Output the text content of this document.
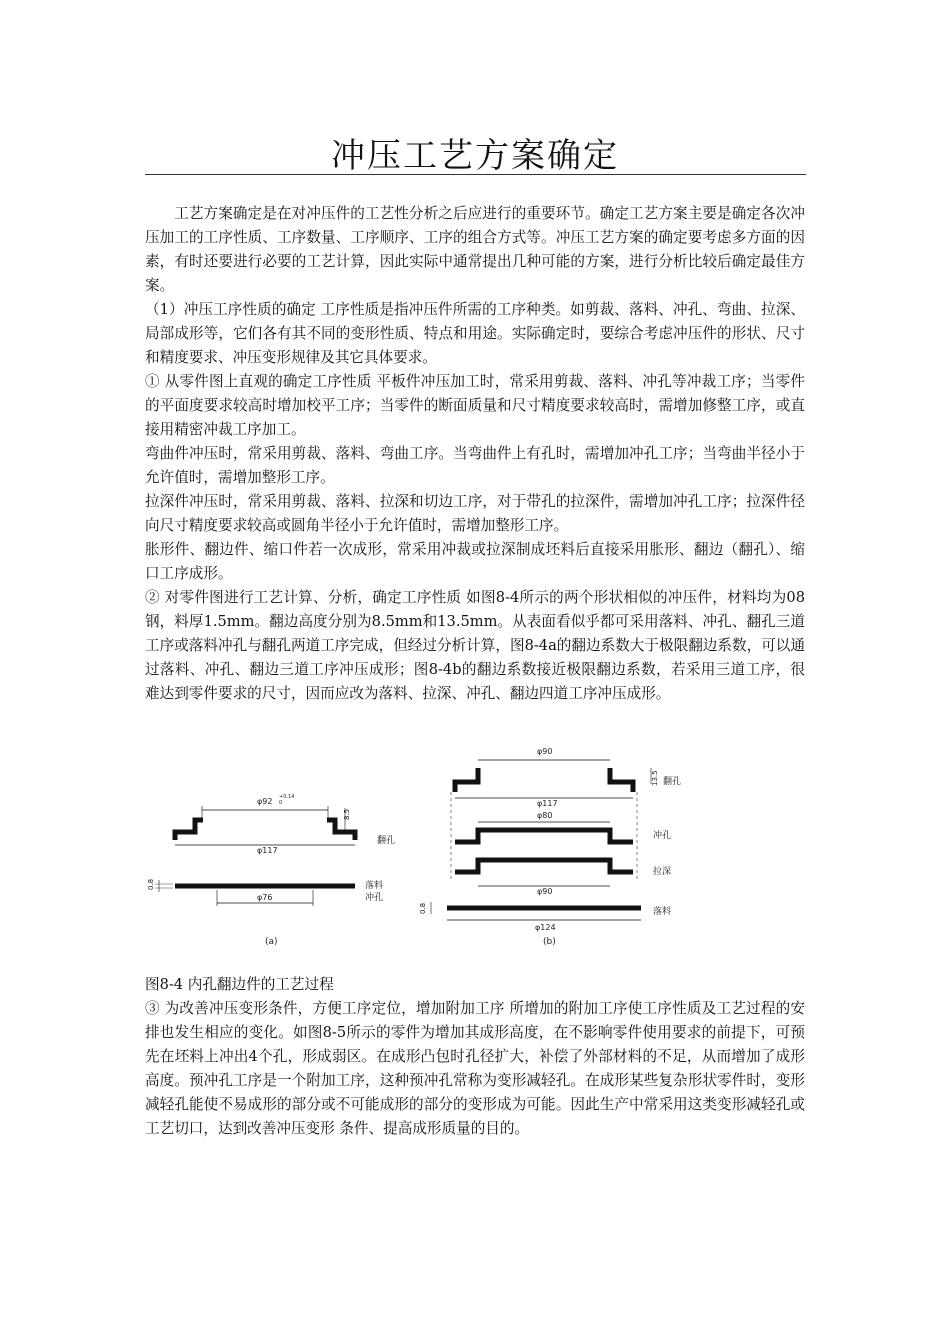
冲压工艺方案确定

工艺方案确定是在对冲压件的工艺性分析之后应进行的重要环节。确定工艺方案主要是确定各次冲压加工的工序性质、工序数量、工序顺序、工序的组合方式等。冲压工艺方案的确定要考虑多方面的因素，有时还要进行必要的工艺计算，因此实际中通常提出几种可能的方案，进行分析比较后确定最佳方案。

（1）冲压工序性质的确定 工序性质是指冲压件所需的工序种类。如剪裁、落料、冲孔、弯曲、拉深、局部成形等，它们各有其不同的变形性质、特点和用途。实际确定时，要综合考虑冲压件的形状、尺寸和精度要求、冲压变形规律及其它具体要求。

① 从零件图上直观的确定工序性质 平板件冲压加工时，常采用剪裁、落料、冲孔等冲裁工序；当零件的平面度要求较高时增加校平工序；当零件的断面质量和尺寸精度要求较高时，需增加修整工序，或直接用精密冲裁工序加工。

弯曲件冲压时，常采用剪裁、落料、弯曲工序。当弯曲件上有孔时，需增加冲孔工序；当弯曲半径小于允许值时，需增加整形工序。

拉深件冲压时，常采用剪裁、落料、拉深和切边工序，对于带孔的拉深件，需增加冲孔工序；拉深件径向尺寸精度要求较高或圆角半径小于允许值时，需增加整形工序。

胀形件、翻边件、缩口件若一次成形，常采用冲裁或拉深制成坯料后直接采用胀形、翻边（翻孔）、缩口工序成形。

② 对零件图进行工艺计算、分析，确定工序性质 如图8-4所示的两个形状相似的冲压件，材料均为08钢，料厚1.5mm。翻边高度分别为8.5mm和13.5mm。从表面看似乎都可采用落料、冲孔、翻孔三道工序或落料冲孔与翻孔两道工序完成，但经过分析计算，图8-4a的翻边系数大于极限翻边系数，可以通过落料、冲孔、翻边三道工序冲压成形；图8-4b的翻边系数接近极限翻边系数，若采用三道工序，很难达到零件要求的尺寸，因而应改为落料、拉深、冲孔、翻边四道工序冲压成形。

φ92 +0.14
0
8.5
φ117
φ76
0.8
翻孔
落料
冲孔
(a)
φ90
13.5
φ117
φ80
φ90
φ124
0.8
翻孔
冲孔
拉深
落料
(b)

图8-4 内孔翻边件的工艺过程

③ 为改善冲压变形条件，方便工序定位，增加附加工序 所增加的附加工序使工序性质及工艺过程的安排也发生相应的变化。如图8-5所示的零件为增加其成形高度，在不影响零件使用要求的前提下，可预先在坯料上冲出4个孔，形成弱区。在成形凸包时孔径扩大，补偿了外部材料的不足，从而增加了成形高度。预冲孔工序是一个附加工序，这种预冲孔常称为变形减轻孔。在成形某些复杂形状零件时，变形减轻孔能使不易成形的部分或不可能成形的部分的变形成为可能。因此生产中常采用这类变形减轻孔或工艺切口，达到改善冲压变形 条件、提高成形质量的目的。
